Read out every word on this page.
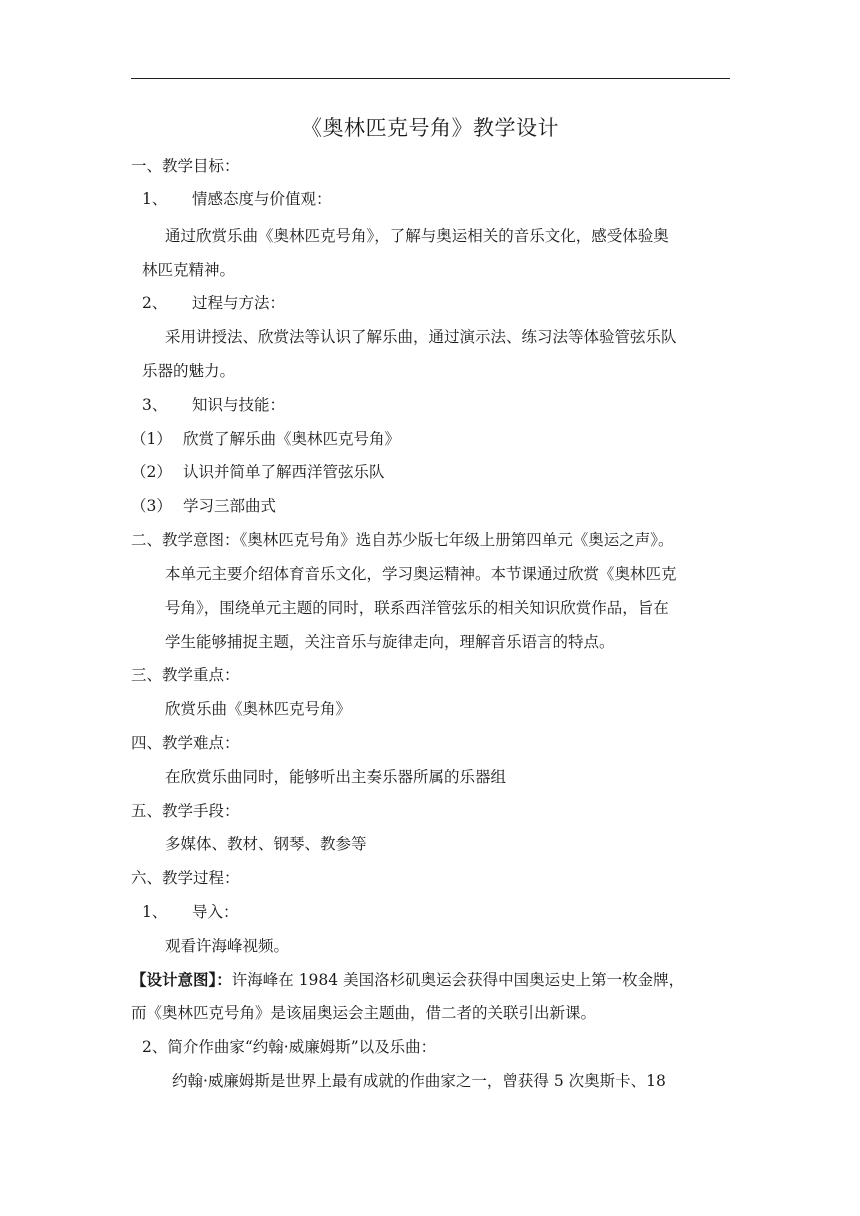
《奥林匹克号角》教学设计
一、教学目标：
1、 情感态度与价值观：
通过欣赏乐曲《奥林匹克号角》，了解与奥运相关的音乐文化，感受体验奥
林匹克精神。
2、 过程与方法：
采用讲授法、欣赏法等认识了解乐曲，通过演示法、练习法等体验管弦乐队
乐器的魅力。
3、 知识与技能：
（1） 欣赏了解乐曲《奥林匹克号角》
（2） 认识并简单了解西洋管弦乐队
（3） 学习三部曲式
二、教学意图：《奥林匹克号角》选自苏少版七年级上册第四单元《奥运之声》。
本单元主要介绍体育音乐文化，学习奥运精神。本节课通过欣赏《奥林匹克
号角》，围绕单元主题的同时，联系西洋管弦乐的相关知识欣赏作品，旨在
学生能够捕捉主题，关注音乐与旋律走向，理解音乐语言的特点。
三、教学重点：
欣赏乐曲《奥林匹克号角》
四、教学难点：
在欣赏乐曲同时，能够听出主奏乐器所属的乐器组
五、教学手段：
多媒体、教材、钢琴、教参等
六、教学过程：
1、 导入：
观看许海峰视频。
【设计意图】：许海峰在 1984 美国洛杉矶奥运会获得中国奥运史上第一枚金牌，
而《奥林匹克号角》是该届奥运会主题曲，借二者的关联引出新课。
2、简介作曲家“约翰·威廉姆斯”以及乐曲：
约翰·威廉姆斯是世界上最有成就的作曲家之一，曾获得 5 次奥斯卡、18
